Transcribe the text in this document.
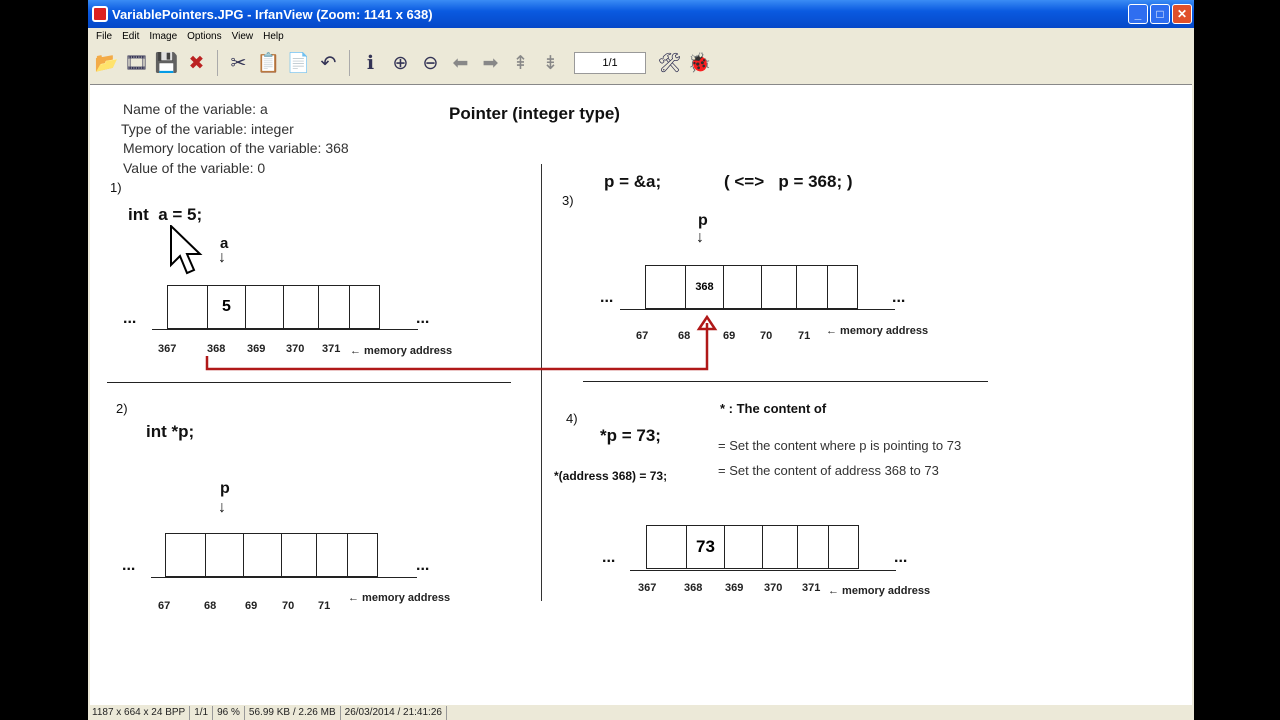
VariablePointers.JPG - IrfanView (Zoom: 1141 x 638)	_	□	✕
File	Edit	Image	Options	View	Help
📂 🎞 💾 ✖ ✂ 📋 📄 ↶	ℹ ⊕ ⊖ ⬅ ➡ ⇞ ⇟	1/1	🛠 🐞
Name of the variable: a
Type of the variable: integer
Memory location of the variable: 368
Value of the variable: 0
Pointer (integer type)
1)
int  a = 5;
a
↓
5
...	...
367	368 369 370 371 ← memory address
2)
int *p;
p
↓
...	...
67	68	69 70 71
← memory address
3)
p = &a;	( <=>   p = 368; )
p
↓
368
...	...
67	68	69 70 71 ← memory address
4)
*p = 73;
*(address 368) = 73;
* : The content of
= Set the content where p is pointing to 73
= Set the content of address 368 to 73
73
...	...
367	368 369 370 371 ← memory address
1187 x 664 x 24 BPP 1/1 96 % 56.99 KB / 2.26 MB 26/03/2014 / 21:41:26
